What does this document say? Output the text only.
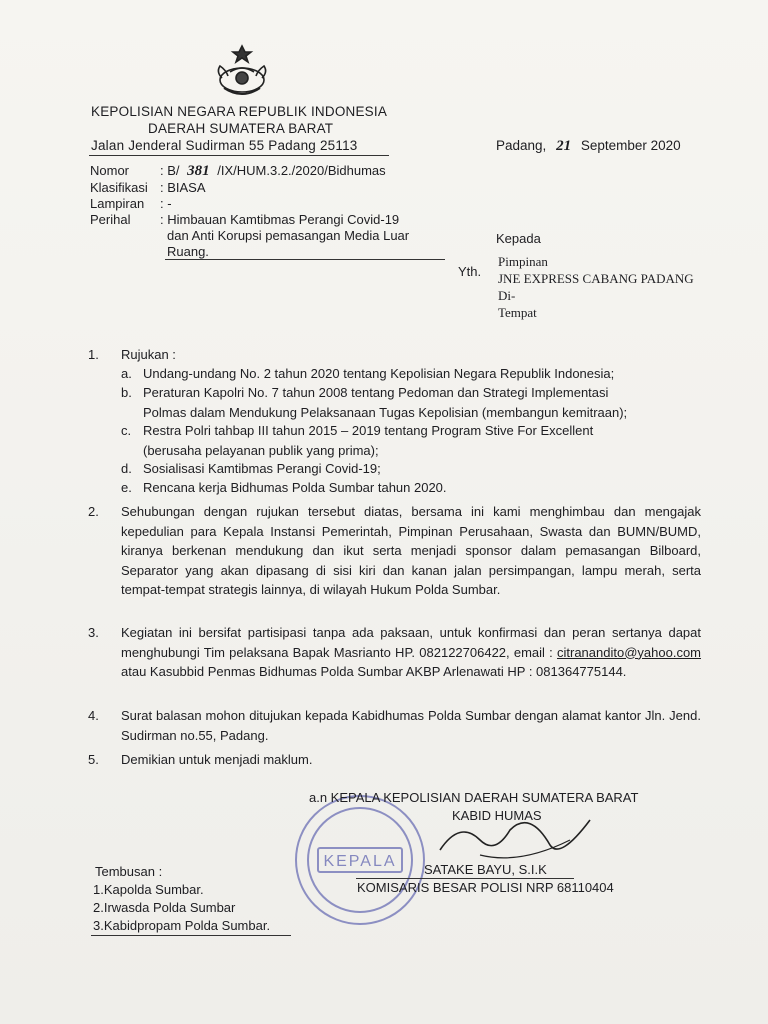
KEPOLISIAN NEGARA REPUBLIK INDONESIA
DAERAH SUMATERA BARAT
Jalan Jenderal Sudirman 55 Padang 25113	Padang, 21 September 2020
Nomor : B/ 381 /IX/HUM.3.2./2020/Bidhumas
Klasifikasi : BIASA
Lampiran : -
Perihal : Himbauan Kamtibmas Perangi Covid-19
dan Anti Korupsi pemasangan Media Luar
Ruang.
Kepada
Yth.
Pimpinan
JNE EXPRESS CABANG PADANG
Di-
Tempat
1. Rujukan :
a. Undang-undang No. 2 tahun 2020 tentang Kepolisian Negara Republik Indonesia;
b. Peraturan Kapolri No. 7 tahun 2008 tentang Pedoman dan Strategi Implementasi
Polmas dalam Mendukung Pelaksanaan Tugas Kepolisian (membangun kemitraan);
c. Restra Polri tahbap III tahun 2015 – 2019 tentang Program Stive For Excellent
(berusaha pelayanan publik yang prima);
d. Sosialisasi Kamtibmas Perangi Covid-19;
e. Rencana kerja Bidhumas Polda Sumbar tahun 2020.
2. Sehubungan dengan rujukan tersebut diatas, bersama ini kami menghimbau dan mengajak kepedulian para Kepala Instansi Pemerintah, Pimpinan Perusahaan, Swasta dan BUMN/BUMD, kiranya berkenan mendukung dan ikut serta menjadi sponsor dalam pemasangan Bilboard, Separator yang akan dipasang di sisi kiri dan kanan jalan persimpangan, lampu merah, serta tempat-tempat strategis lainnya, di wilayah Hukum Polda Sumbar.
3. Kegiatan ini bersifat partisipasi tanpa ada paksaan, untuk konfirmasi dan peran sertanya dapat menghubungi Tim pelaksana Bapak Masrianto HP. 082122706422, email : citranandito@yahoo.com atau Kasubbid Penmas Bidhumas Polda Sumbar AKBP Arlenawati HP : 081364775144.
4. Surat balasan mohon ditujukan kepada Kabidhumas Polda Sumbar dengan alamat kantor Jln. Jend. Sudirman no.55, Padang.
5. Demikian untuk menjadi maklum.
KEPALA
a.n KEPALA KEPOLISIAN DAERAH SUMATERA BARAT
KABID HUMAS
SATAKE BAYU, S.I.K
KOMISARIS BESAR POLISI NRP 68110404
Tembusan :
1.Kapolda Sumbar.
2.Irwasda Polda Sumbar
3.Kabidpropam Polda Sumbar.
